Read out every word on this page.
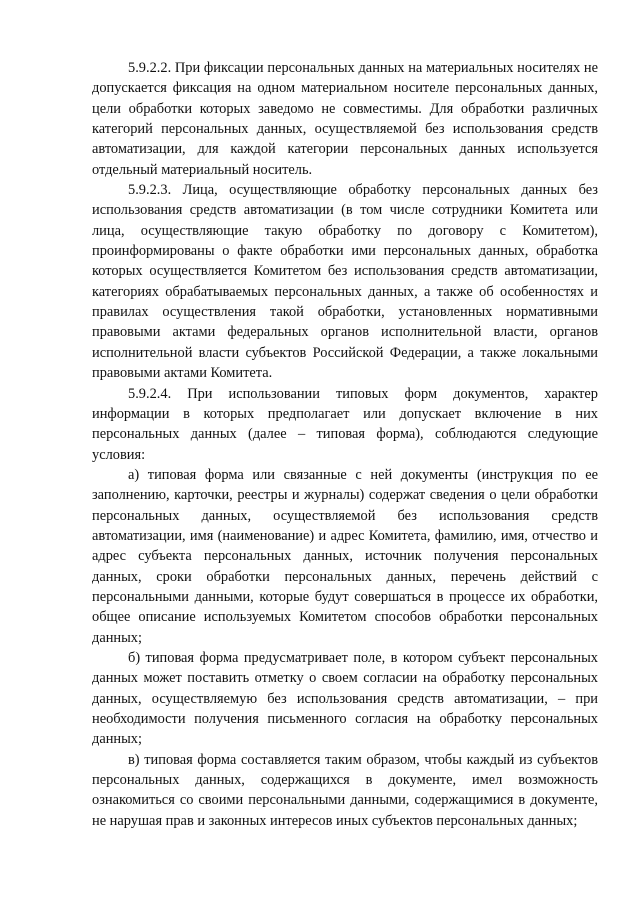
5.9.2.2. При фиксации персональных данных на материальных носителях не допускается фиксация на одном материальном носителе персональных данных, цели обработки которых заведомо не совместимы. Для обработки различных категорий персональных данных, осуществляемой без использования средств автоматизации, для каждой категории персональных данных используется отдельный материальный носитель.

5.9.2.3. Лица, осуществляющие обработку персональных данных без использования средств автоматизации (в том числе сотрудники Комитета или лица, осуществляющие такую обработку по договору с Комитетом), проинформированы о факте обработки ими персональных данных, обработка которых осуществляется Комитетом без использования средств автоматизации, категориях обрабатываемых персональных данных, а также об особенностях и правилах осуществления такой обработки, установленных нормативными правовыми актами федеральных органов исполнительной власти, органов исполнительной власти субъектов Российской Федерации, а также локальными правовыми актами Комитета.

5.9.2.4. При использовании типовых форм документов, характер информации в которых предполагает или допускает включение в них персональных данных (далее – типовая форма), соблюдаются следующие условия:

а) типовая форма или связанные с ней документы (инструкция по ее заполнению, карточки, реестры и журналы) содержат сведения о цели обработки персональных данных, осуществляемой без использования средств автоматизации, имя (наименование) и адрес Комитета, фамилию, имя, отчество и адрес субъекта персональных данных, источник получения персональных данных, сроки обработки персональных данных, перечень действий с персональными данными, которые будут совершаться в процессе их обработки, общее описание используемых Комитетом способов обработки персональных данных;

б) типовая форма предусматривает поле, в котором субъект персональных данных может поставить отметку о своем согласии на обработку персональных данных, осуществляемую без использования средств автоматизации, – при необходимости получения письменного согласия на обработку персональных данных;

в) типовая форма составляется таким образом, чтобы каждый из субъектов персональных данных, содержащихся в документе, имел возможность ознакомиться со своими персональными данными, содержащимися в документе, не нарушая прав и законных интересов иных субъектов персональных данных;
